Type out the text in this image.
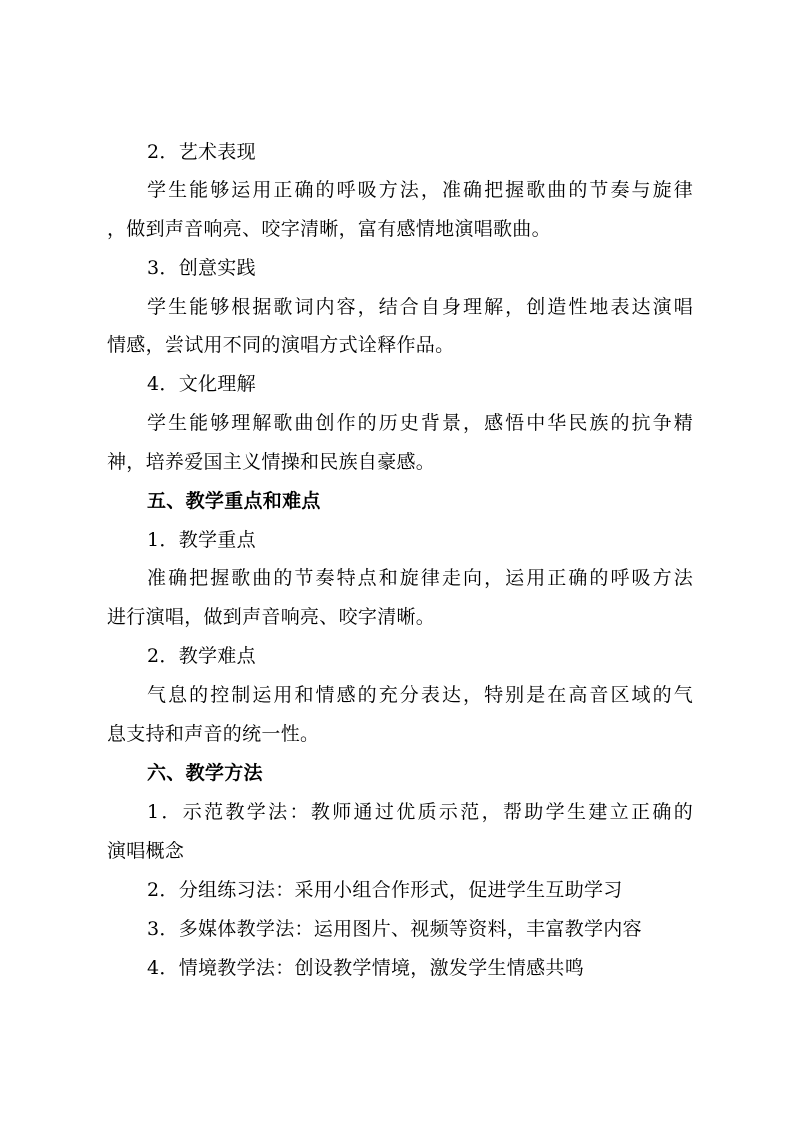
2．艺术表现
学生能够运用正确的呼吸方法，准确把握歌曲的节奏与旋律
，做到声音响亮、咬字清晰，富有感情地演唱歌曲。
3．创意实践
学生能够根据歌词内容，结合自身理解，创造性地表达演唱
情感，尝试用不同的演唱方式诠释作品。
4．文化理解
学生能够理解歌曲创作的历史背景，感悟中华民族的抗争精
神，培养爱国主义情操和民族自豪感。
五、教学重点和难点
1．教学重点
准确把握歌曲的节奏特点和旋律走向，运用正确的呼吸方法
进行演唱，做到声音响亮、咬字清晰。
2．教学难点
气息的控制运用和情感的充分表达，特别是在高音区域的气
息支持和声音的统一性。
六、教学方法
1．示范教学法：教师通过优质示范，帮助学生建立正确的
演唱概念
2．分组练习法：采用小组合作形式，促进学生互助学习
3．多媒体教学法：运用图片、视频等资料，丰富教学内容
4．情境教学法：创设教学情境，激发学生情感共鸣
